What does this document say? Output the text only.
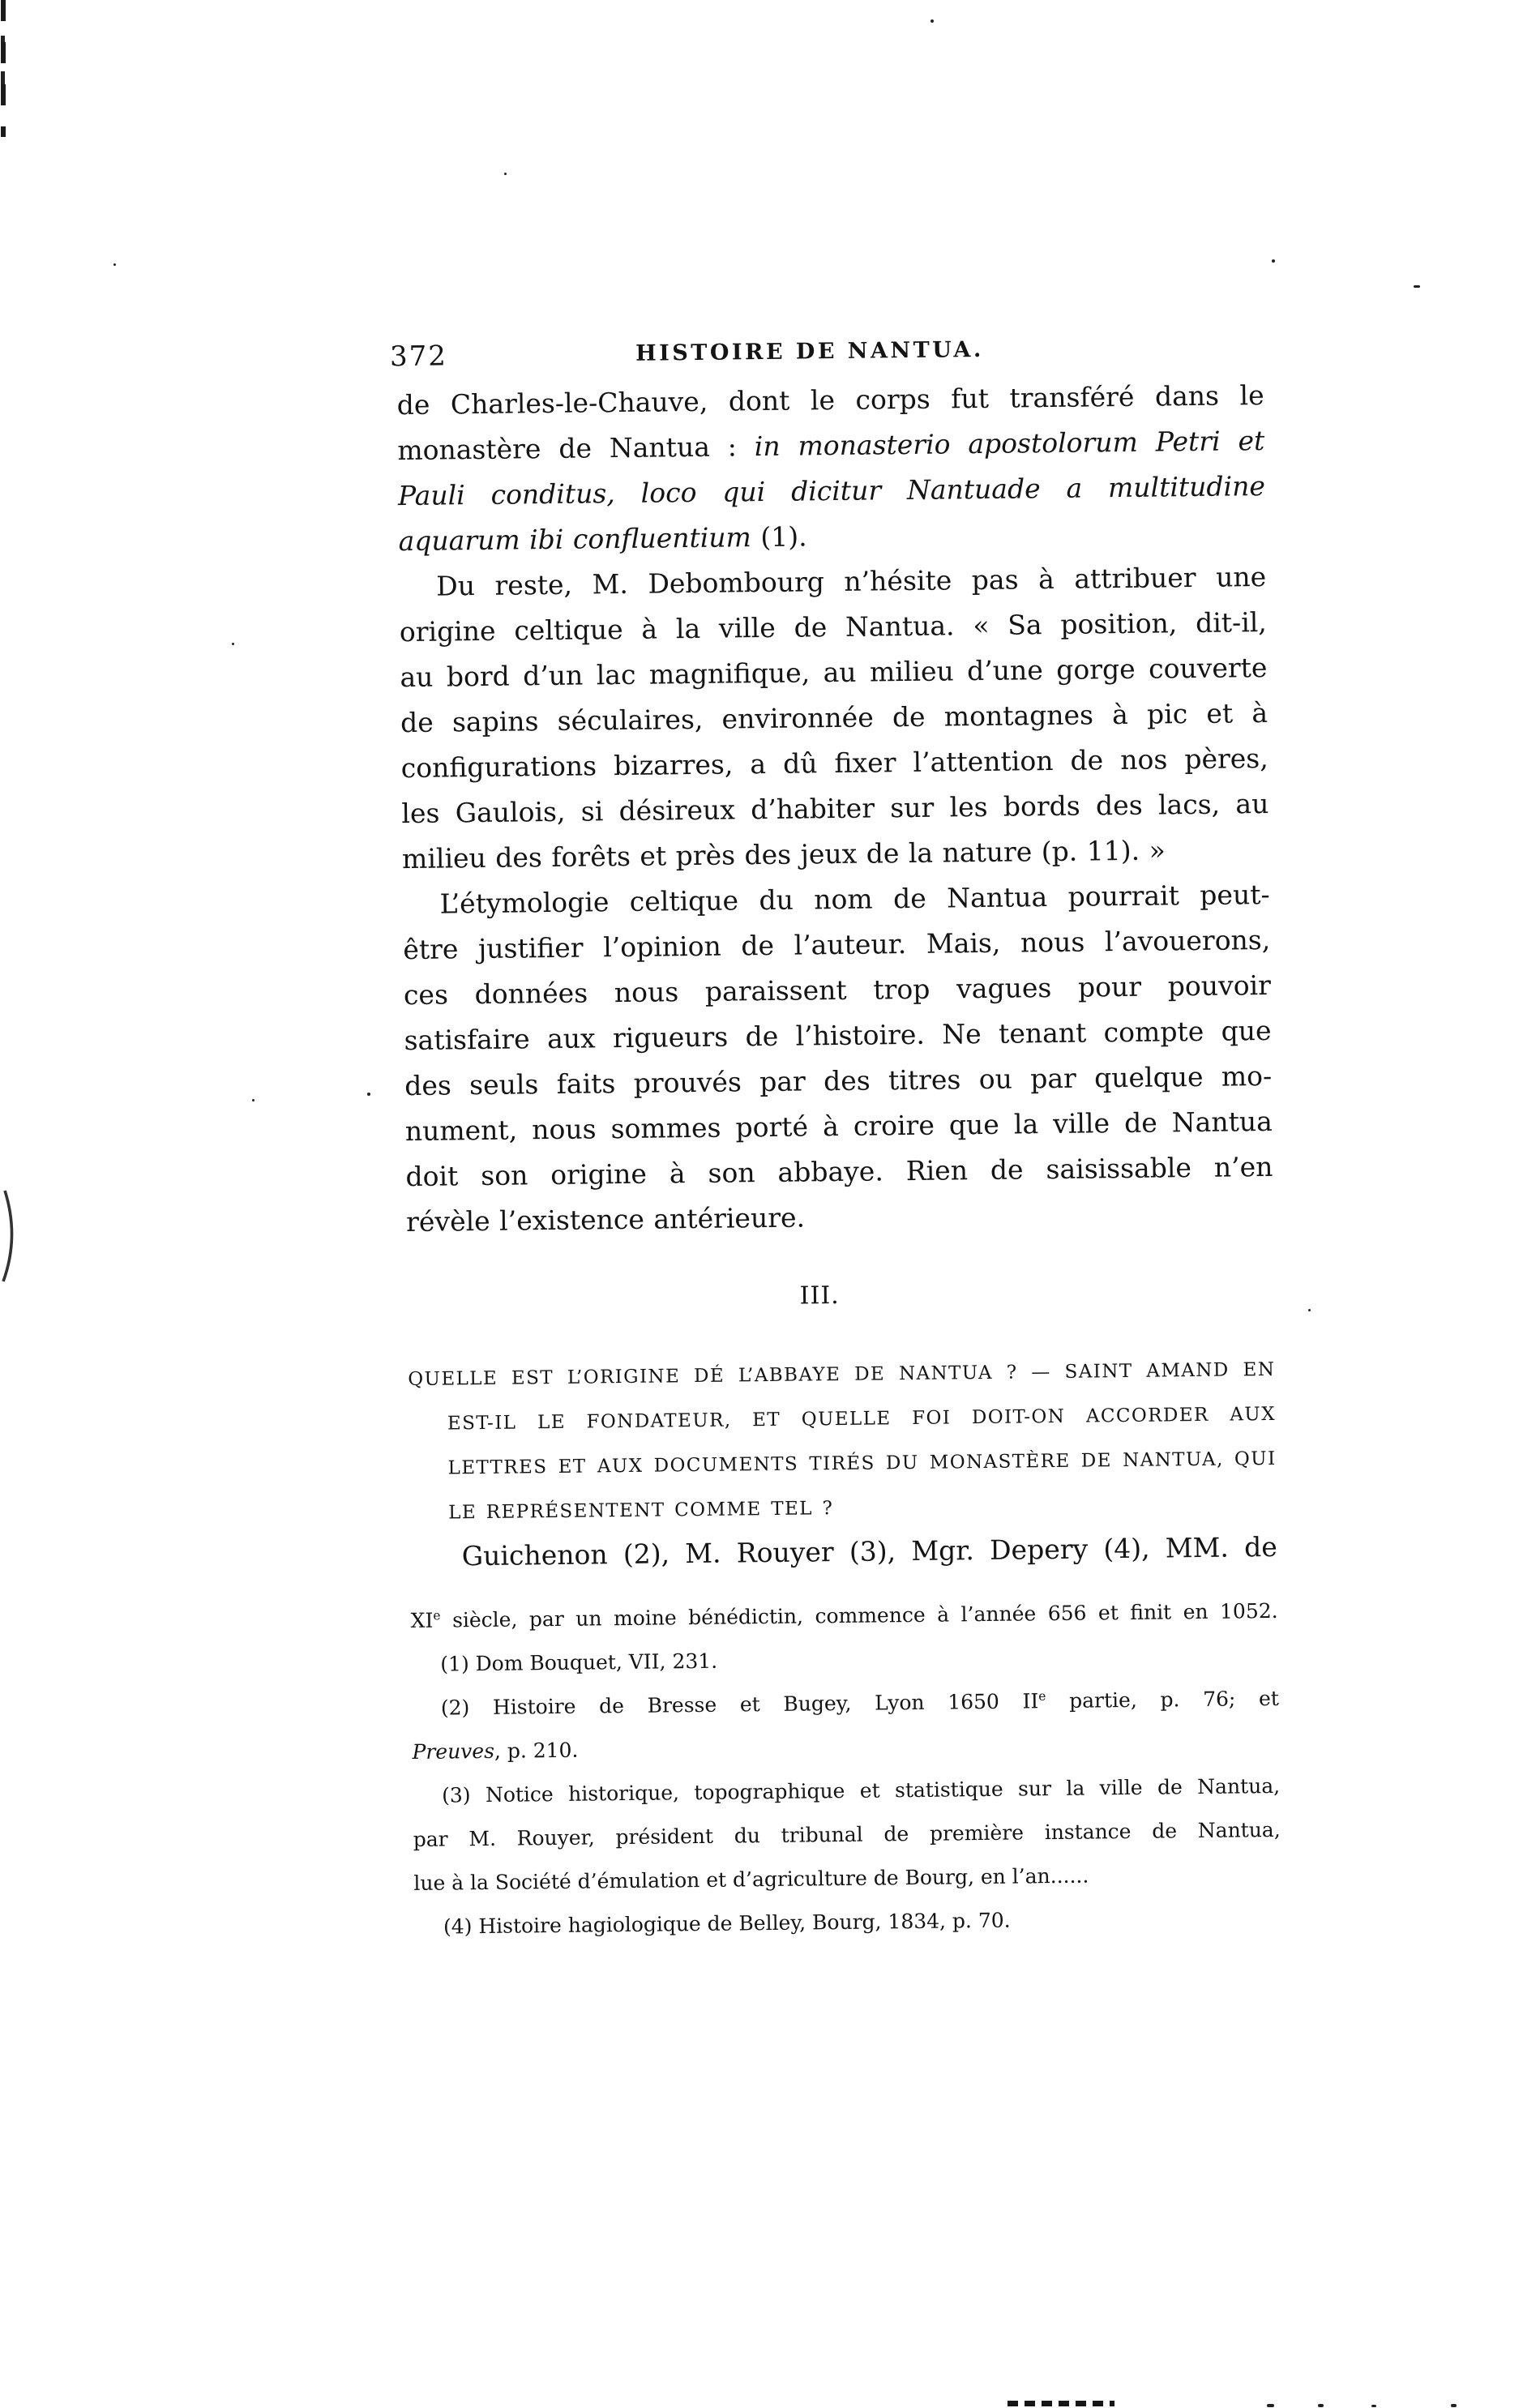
372	HISTOIRE DE NANTUA.
de Charles-le-Chauve, dont le corps fut transféré dans le
monastère de Nantua : in monasterio apostolorum Petri et
Pauli conditus, loco qui dicitur Nantuade a multitudine
aquarum ibi confluentium (1).
Du reste, M. Debombourg n’hésite pas à attribuer une
origine celtique à la ville de Nantua. « Sa position, dit-il,
au bord d’un lac magnifique, au milieu d’une gorge couverte
de sapins séculaires, environnée de montagnes à pic et à
configurations bizarres, a dû fixer l’attention de nos pères,
les Gaulois, si désireux d’habiter sur les bords des lacs, au
milieu des forêts et près des jeux de la nature (p. 11). »
L’étymologie celtique du nom de Nantua pourrait peut-
être justifier l’opinion de l’auteur. Mais, nous l’avouerons,
ces données nous paraissent trop vagues pour pouvoir
satisfaire aux rigueurs de l’histoire. Ne tenant compte que
des seuls faits prouvés par des titres ou par quelque mo-
nument, nous sommes porté à croire que la ville de Nantua
doit son origine à son abbaye. Rien de saisissable n’en
révèle l’existence antérieure.
III.
QUELLE EST L’ORIGINE DÉ L’ABBAYE DE NANTUA ? — SAINT AMAND EN
EST-IL LE FONDATEUR, ET QUELLE FOI DOIT-ON ACCORDER AUX
LETTRES ET AUX DOCUMENTS TIRÉS DU MONASTÈRE DE NANTUA, QUI
LE REPRÉSENTENT COMME TEL ?
Guichenon (2), M. Rouyer (3), Mgr. Depery (4), MM. de
XIe siècle, par un moine bénédictin, commence à l’année 656 et finit en 1052.
(1) Dom Bouquet, VII, 231.
(2) Histoire de Bresse et Bugey, Lyon 1650 IIe partie, p. 76; et
Preuves, p. 210.
(3) Notice historique, topographique et statistique sur la ville de Nantua,
par M. Rouyer, président du tribunal de première instance de Nantua,
lue à la Société d’émulation et d’agriculture de Bourg, en l’an......
(4) Histoire hagiologique de Belley, Bourg, 1834, p. 70.
